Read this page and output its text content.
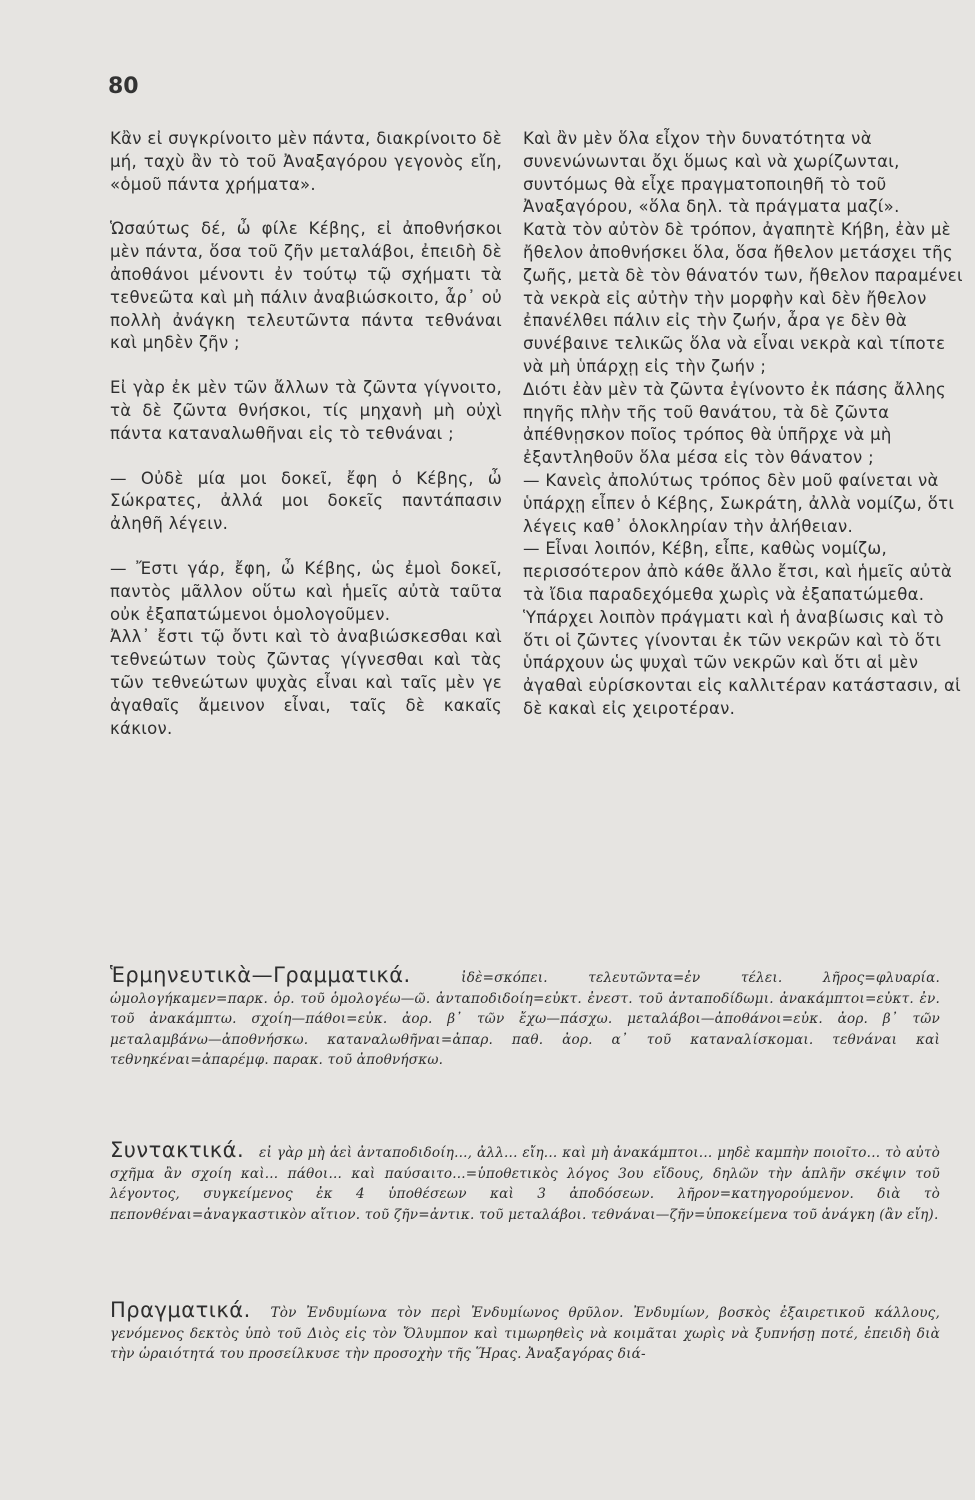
80

Κἂν εἰ συγκρίνοιτο μὲν πάντα, διακρίνοιτο δὲ μή, ταχὺ ἂν τὸ τοῦ Ἀναξαγόρου γεγονὸς εἴη, «ὁμοῦ πάντα χρήματα».

Ὡσαύτως δέ, ὦ φίλε Κέβης, εἰ ἀποθνήσκοι μὲν πάντα, ὅσα τοῦ ζῆν μεταλάβοι, ἐπειδὴ δὲ ἀποθάνοι μένοντι ἐν τούτῳ τῷ σχήματι τὰ τεθνεῶτα καὶ μὴ πάλιν ἀναβιώσκοιτο, ἆρ᾽ οὐ πολλὴ ἀνάγκη τελευτῶντα πάντα τεθνάναι καὶ μηδὲν ζῆν ;

Εἰ γὰρ ἐκ μὲν τῶν ἄλλων τὰ ζῶντα γίγνοιτο, τὰ δὲ ζῶντα θνήσκοι, τίς μηχανὴ μὴ οὐχὶ πάντα καταναλωθῆναι εἰς τὸ τεθνάναι ;

— Οὐδὲ μία μοι δοκεῖ, ἔφη ὁ Κέβης, ὦ Σώκρατες, ἀλλά μοι δοκεῖς παντάπασιν ἀληθῆ λέγειν.

— Ἔστι γάρ, ἔφη, ὦ Κέβης, ὡς ἐμοὶ δοκεῖ, παντὸς μᾶλλον οὕτω καὶ ἡμεῖς αὐτὰ ταῦτα οὐκ ἐξαπατώμενοι ὁμολογοῦμεν.

Ἀλλ᾽ ἔστι τῷ ὄντι καὶ τὸ ἀναβιώσκεσθαι καὶ τεθνεώτων τοὺς ζῶντας γίγνεσθαι καὶ τὰς τῶν τεθνεώτων ψυχὰς εἶναι καὶ ταῖς μὲν γε ἀγαθαῖς ἄμεινον εἶναι, ταῖς δὲ κακαῖς κάκιον.

Καὶ ἂν μὲν ὅλα εἶχον τὴν δυνατότητα νὰ συνενώνωνται ὄχι ὅμως καὶ νὰ χωρίζωνται, συντόμως θὰ εἶχε πραγματοποιηθῆ τὸ τοῦ Ἀναξαγόρου, «ὅλα δηλ. τὰ πράγματα μαζί».

Κατὰ τὸν αὐτὸν δὲ τρόπον, ἀγαπητὲ Κήβη, ἐὰν μὲ ἤθελον ἀποθνήσκει ὅλα, ὅσα ἤθελον μετάσχει τῆς ζωῆς, μετὰ δὲ τὸν θάνατόν των, ἤθελον παραμένει τὰ νεκρὰ εἰς αὐτὴν τὴν μορφὴν καὶ δὲν ἤθελον ἐπανέλθει πάλιν εἰς τὴν ζωήν, ἆρα γε δὲν θὰ συνέβαινε τελικῶς ὅλα νὰ εἶναι νεκρὰ καὶ τίποτε νὰ μὴ ὑπάρχῃ εἰς τὴν ζωήν ;

Διότι ἐὰν μὲν τὰ ζῶντα ἐγίνοντο ἐκ πάσης ἄλλης πηγῆς πλὴν τῆς τοῦ θανάτου, τὰ δὲ ζῶντα ἀπέθνῃσκον ποῖος τρόπος θὰ ὑπῆρχε νὰ μὴ ἐξαντληθοῦν ὅλα μέσα εἰς τὸν θάνατον ;

— Κανεὶς ἀπολύτως τρόπος δὲν μοῦ φαίνεται νὰ ὑπάρχῃ εἶπεν ὁ Κέβης, Σωκράτη, ἀλλὰ νομίζω, ὅτι λέγεις καθ᾽ ὁλοκληρίαν τὴν ἀλήθειαν.

— Εἶναι λοιπόν, Κέβη, εἶπε, καθὼς νομίζω, περισσότερον ἀπὸ κάθε ἄλλο ἔτσι, καὶ ἡμεῖς αὐτὰ τὰ ἴδια παραδεχόμεθα χωρὶς νὰ ἐξαπατώμεθα.

Ὑπάρχει λοιπὸν πράγματι καὶ ἡ ἀναβίωσις καὶ τὸ ὅτι οἱ ζῶντες γίνονται ἐκ τῶν νεκρῶν καὶ τὸ ὅτι ὑπάρχουν ὡς ψυχαὶ τῶν νεκρῶν καὶ ὅτι αἱ μὲν ἀγαθαὶ εὑρίσκονται εἰς καλλιτέραν κατάστασιν, αἱ δὲ κακαὶ εἰς χειροτέραν.

Ἑρμηνευτικὰ—Γραμματικά.	ἰδὲ=σκόπει. τελευτῶντα=ἐν τέλει. λῆρος=φλυαρία. ὡμολογήκαμεν=παρκ. ὁρ. τοῦ ὁμολογέω—ῶ. ἀνταποδιδοίη=εὐκτ. ἐνεστ. τοῦ ἀνταποδίδωμι. ἀνακάμπτοι=εὐκτ. ἐν. τοῦ ἀνακάμπτω. σχοίη—πάθοι=εὐκ. ἀορ. β᾽ τῶν ἔχω—πάσχω. μεταλάβοι—ἀποθάνοι=εὐκ. ἀορ. β᾽ τῶν μεταλαμβάνω—ἀποθνήσκω. καταναλωθῆναι=ἀπαρ. παθ. ἀορ. α᾽ τοῦ καταναλίσκομαι. τεθνάναι καὶ τεθνηκέναι=ἀπαρέμφ. παρακ. τοῦ ἀποθνήσκω.
Συντακτικά. εἰ γὰρ μὴ ἀεὶ ἀνταποδιδοίη..., ἀλλ... εἴη... καὶ μὴ ἀνακάμπτοι... μηδὲ καμπὴν ποιοῖτο... τὸ αὐτὸ σχῆμα ἂν σχοίη καὶ... πάθοι... καὶ παύσαιτο...=ὑποθετικὸς λόγος 3ου εἴδους, δηλῶν τὴν ἁπλῆν σκέψιν τοῦ λέγοντος, συγκείμενος ἐκ 4 ὑποθέσεων καὶ 3 ἀποδόσεων. λῆρον=κατηγορούμενον. διὰ τὸ πεπονθέναι=ἀναγκαστικὸν αἴτιον. τοῦ ζῆν=ἀντικ. τοῦ μεταλάβοι. τεθνάναι—ζῆν=ὑποκείμενα τοῦ ἀνάγκη (ἂν εἴη).
Πραγματικά. Τὸν Ἐνδυμίωνα τὸν περὶ Ἐνδυμίωνος θρῦλον. Ἐνδυμίων, βοσκὸς ἐξαιρετικοῦ κάλλους, γενόμενος δεκτὸς ὑπὸ τοῦ Διὸς εἰς τὸν Ὄλυμπον καὶ τιμωρηθεὶς νὰ κοιμᾶται χωρὶς νὰ ξυπνήσῃ ποτέ, ἐπειδὴ διὰ τὴν ὡραιότητά του προσείλκυσε τὴν προσοχὴν τῆς Ἥρας. Ἀναξαγόρας διά-
